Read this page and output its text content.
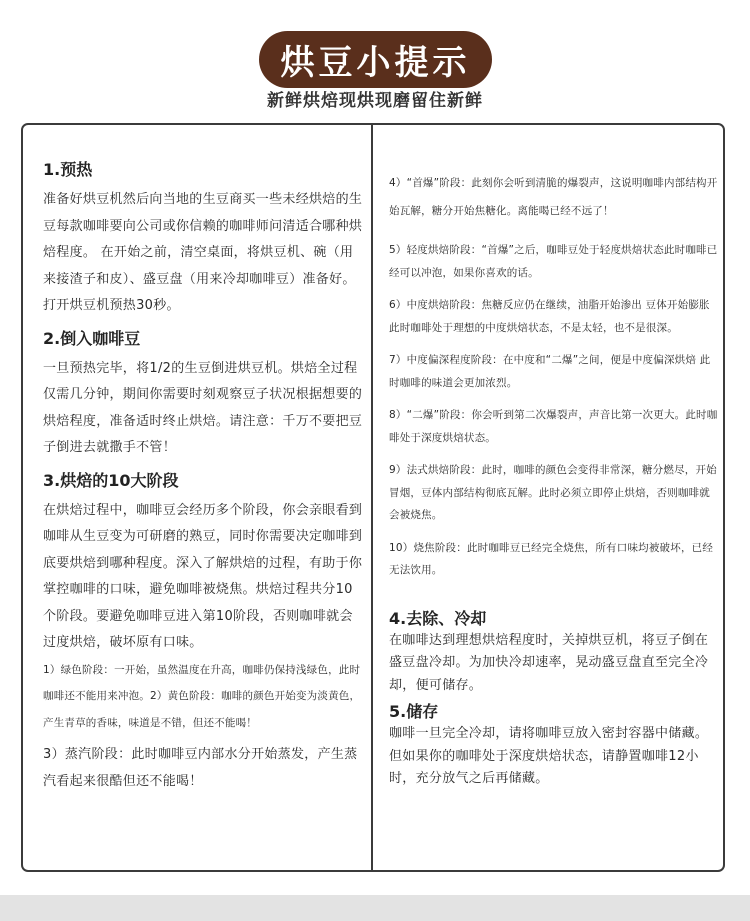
烘豆小提示
新鲜烘焙现烘现磨留住新鲜
1.预热
准备好烘豆机然后向当地的生豆商买一些未经烘焙的生豆每款咖啡要向公司或你信赖的咖啡师问清适合哪种烘焙程度。 在开始之前，清空桌面，将烘豆机、碗（用来接渣子和皮）、盛豆盘（用来冷却咖啡豆）准备好。打开烘豆机预热30秒。
2.倒入咖啡豆
一旦预热完毕，将1/2的生豆倒进烘豆机。烘焙全过程仅需几分钟，期间你需要时刻观察豆子状况根据想要的烘焙程度，准备适时终止烘焙。请注意：千万不要把豆子倒进去就撒手不管！
3.烘焙的10大阶段
在烘焙过程中，咖啡豆会经历多个阶段，你会亲眼看到咖啡从生豆变为可研磨的熟豆，同时你需要决定咖啡到底要烘焙到哪种程度。深入了解烘焙的过程，有助于你掌控咖啡的口味，避免咖啡被烧焦。烘焙过程共分10个阶段。要避免咖啡豆进入第10阶段，否则咖啡就会过度烘焙，破坏原有口味。
1）绿色阶段：一开始，虽然温度在升高，咖啡仍保持浅绿色，此时咖啡还不能用来冲泡。2）黄色阶段：咖啡的颜色开始变为淡黄色，产生青草的香味，味道是不错，但还不能喝！
3）蒸汽阶段：此时咖啡豆内部水分开始蒸发，产生蒸汽看起来很酷但还不能喝！
4）“首爆”阶段：此刻你会听到清脆的爆裂声，这说明咖啡内部结构开始瓦解，糖分开始焦糖化。离能喝已经不远了！
5）轻度烘焙阶段：“首爆”之后，咖啡豆处于轻度烘焙状态此时咖啡已经可以冲泡，如果你喜欢的话。
6）中度烘焙阶段：焦糖反应仍在继续，油脂开始渗出 豆体开始膨胀此时咖啡处于理想的中度烘焙状态，不是太轻，也不是很深。
7）中度偏深程度阶段：在中度和“二爆”之间，便是中度偏深烘焙 此时咖啡的味道会更加浓烈。
8）“二爆”阶段：你会听到第二次爆裂声，声音比第一次更大。此时咖啡处于深度烘焙状态。
9）法式烘焙阶段：此时，咖啡的颜色会变得非常深，糖分燃尽，开始冒烟，豆体内部结构彻底瓦解。此时必须立即停止烘焙，否则咖啡就会被烧焦。
10）烧焦阶段：此时咖啡豆已经完全烧焦，所有口味均被破坏，已经无法饮用。
4.去除、冷却
在咖啡达到理想烘焙程度时，关掉烘豆机，将豆子倒在盛豆盘冷却。为加快冷却速率，晃动盛豆盘直至完全冷却，便可储存。
5.储存
咖啡一旦完全冷却，请将咖啡豆放入密封容器中储藏。但如果你的咖啡处于深度烘焙状态，请静置咖啡12小时，充分放气之后再储藏。
